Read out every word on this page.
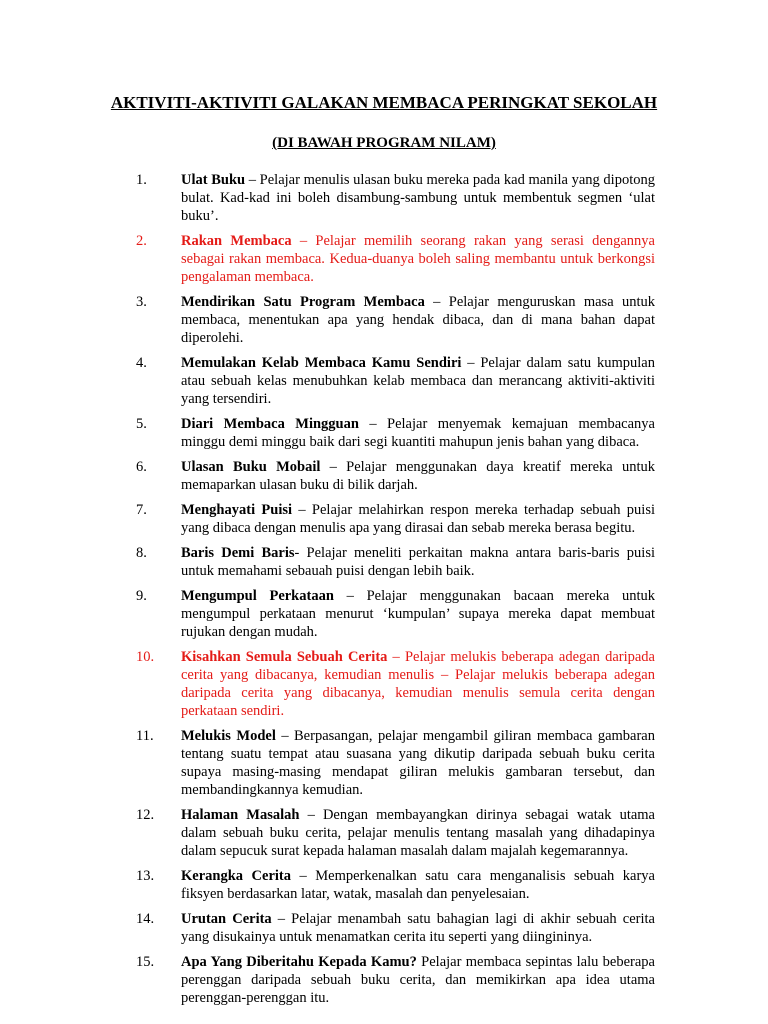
AKTIVITI-AKTIVITI GALAKAN MEMBACA PERINGKAT SEKOLAH
(DI BAWAH PROGRAM NILAM)
1. Ulat Buku – Pelajar menulis ulasan buku mereka pada kad manila yang dipotong bulat. Kad-kad ini boleh disambung-sambung untuk membentuk segmen ‘ulat buku’.
2. Rakan Membaca – Pelajar memilih seorang rakan yang serasi dengannya sebagai rakan membaca. Kedua-duanya boleh saling membantu untuk berkongsi pengalaman membaca.
3. Mendirikan Satu Program Membaca – Pelajar menguruskan masa untuk membaca, menentukan apa yang hendak dibaca, dan di mana bahan dapat diperolehi.
4. Memulakan Kelab Membaca Kamu Sendiri – Pelajar dalam satu kumpulan atau sebuah kelas menubuhkan kelab membaca dan merancang aktiviti-aktiviti yang tersendiri.
5. Diari Membaca Mingguan – Pelajar menyemak kemajuan membacanya minggu demi minggu baik dari segi kuantiti mahupun jenis bahan yang dibaca.
6. Ulasan Buku Mobail – Pelajar menggunakan daya kreatif mereka untuk memaparkan ulasan buku di bilik darjah.
7. Menghayati Puisi – Pelajar melahirkan respon mereka terhadap sebuah puisi yang dibaca dengan menulis apa yang dirasai dan sebab mereka berasa begitu.
8. Baris Demi Baris- Pelajar meneliti perkaitan makna antara baris-baris puisi untuk memahami sebauah puisi dengan lebih baik.
9. Mengumpul Perkataan – Pelajar menggunakan bacaan mereka untuk mengumpul perkataan menurut ‘kumpulan’ supaya mereka dapat membuat rujukan dengan mudah.
10. Kisahkan Semula Sebuah Cerita – Pelajar melukis beberapa adegan daripada cerita yang dibacanya, kemudian menulis – Pelajar melukis beberapa adegan daripada cerita yang dibacanya, kemudian menulis semula cerita dengan perkataan sendiri.
11. Melukis Model – Berpasangan, pelajar mengambil giliran membaca gambaran tentang suatu tempat atau suasana yang dikutip daripada sebuah buku cerita supaya masing-masing mendapat giliran melukis gambaran tersebut, dan membandingkannya kemudian.
12. Halaman Masalah – Dengan membayangkan dirinya sebagai watak utama dalam sebuah buku cerita, pelajar menulis tentang masalah yang dihadapinya dalam sepucuk surat kepada halaman masalah dalam majalah kegemarannya.
13. Kerangka Cerita – Memperkenalkan satu cara menganalisis sebuah karya fiksyen berdasarkan latar, watak, masalah dan penyelesaian.
14. Urutan Cerita – Pelajar menambah satu bahagian lagi di akhir sebuah cerita yang disukainya untuk menamatkan cerita itu seperti yang diingininya.
15. Apa Yang Diberitahu Kepada Kamu? Pelajar membaca sepintas lalu beberapa perenggan daripada sebuah buku cerita, dan memikirkan apa idea utama perenggan-perenggan itu.
